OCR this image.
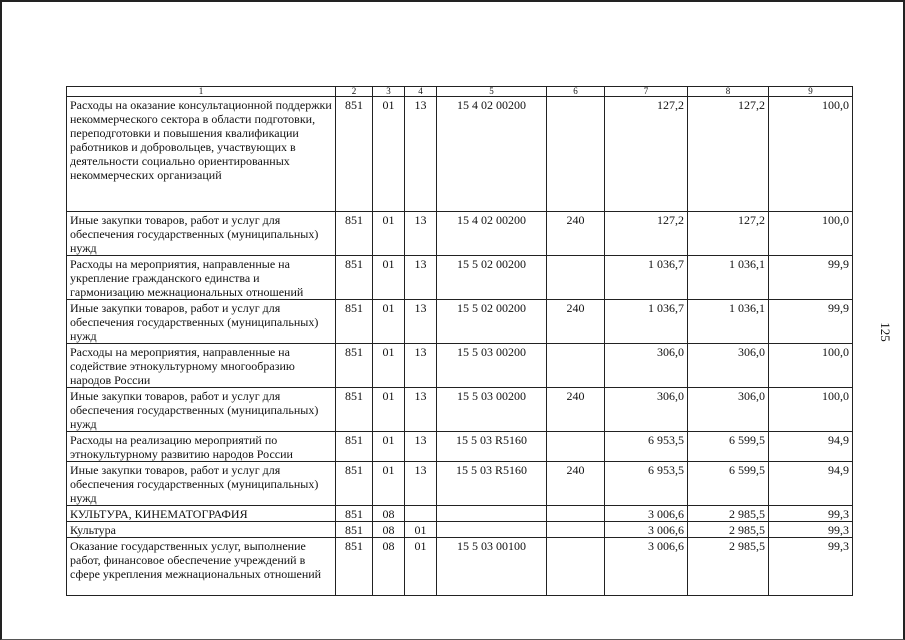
125
1	2	3	4	5	6	7	8	9
Расходы на оказание консультационной поддержки некоммерческого сектора в области подготовки, переподготовки и повышения квалификации работников и добровольцев, участвующих в деятельности социально ориентированных некоммерческих организаций	851	01	13	15 4 02 00200		127,2	127,2	100,0
Иные закупки товаров, работ и услуг для обеспечения государственных (муниципальных) нужд	851	01	13	15 4 02 00200	240	127,2	127,2	100,0
Расходы на мероприятия, направленные на укрепление гражданского единства и гармонизацию межнациональных отношений	851	01	13	15 5 02 00200		1 036,7	1 036,1	99,9
Иные закупки товаров, работ и услуг для обеспечения государственных (муниципальных) нужд	851	01	13	15 5 02 00200	240	1 036,7	1 036,1	99,9
Расходы на мероприятия, направленные на содействие этнокультурному многообразию народов России	851	01	13	15 5 03 00200		306,0	306,0	100,0
Иные закупки товаров, работ и услуг для обеспечения государственных (муниципальных) нужд	851	01	13	15 5 03 00200	240	306,0	306,0	100,0
Расходы на реализацию мероприятий по этнокультурному развитию народов России	851	01	13	15 5 03 R5160		6 953,5	6 599,5	94,9
Иные закупки товаров, работ и услуг для обеспечения государственных (муниципальных) нужд	851	01	13	15 5 03 R5160	240	6 953,5	6 599,5	94,9
КУЛЬТУРА, КИНЕМАТОГРАФИЯ	851	08				3 006,6	2 985,5	99,3
Культура	851	08	01			3 006,6	2 985,5	99,3
Оказание государственных услуг, выполнение работ, финансовое обеспечение учреждений в сфере укрепления межнациональных отношений	851	08	01	15 5 03 00100		3 006,6	2 985,5	99,3
